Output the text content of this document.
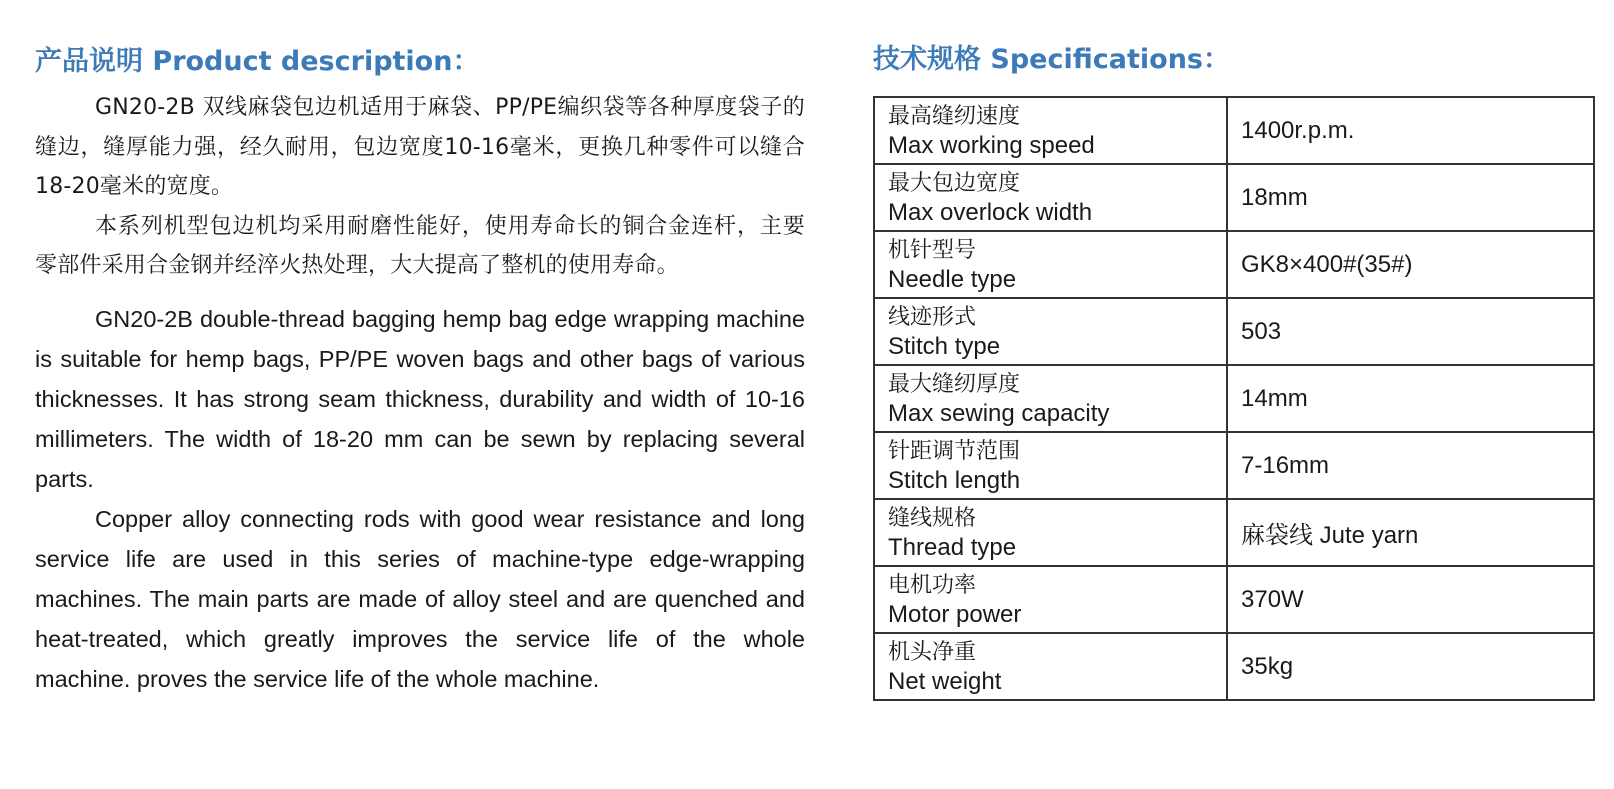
产品说明 Product description：

GN20-2B 双线麻袋包边机适用于麻袋、PP/PE编织袋等各种厚度袋子的缝边，缝厚能力强，经久耐用，包边宽度10-16毫米，更换几种零件可以缝合18-20毫米的宽度。

本系列机型包边机均采用耐磨性能好，使用寿命长的铜合金连杆，主要零部件采用合金钢并经淬火热处理，大大提高了整机的使用寿命。

GN20-2B double-thread bagging hemp bag edge wrapping machine is suitable for hemp bags, PP/PE woven bags and other bags of various thicknesses. It has strong seam thickness, durability and width of 10-16 millimeters. The width of 18-20 mm can be sewn by replacing several parts.

Copper alloy connecting rods with good wear resistance and long service life are used in this series of machine-type edge-wrapping machines. The main parts are made of alloy steel and are quenched and heat-treated, which greatly improves the service life of the whole machine. proves the service life of the whole machine.

技术规格 Specifications：
最高缝纫速度
Max working speed	1400r.p.m.

最大包边宽度
Max overlock width	18mm

机针型号
Needle type	GK8×400#(35#)

线迹形式
Stitch type	503

最大缝纫厚度
Max sewing capacity	14mm

针距调节范围
Stitch length	7-16mm

缝线规格
Thread type	麻袋线 Jute yarn

电机功率
Motor power	370W

机头净重
Net weight	35kg
